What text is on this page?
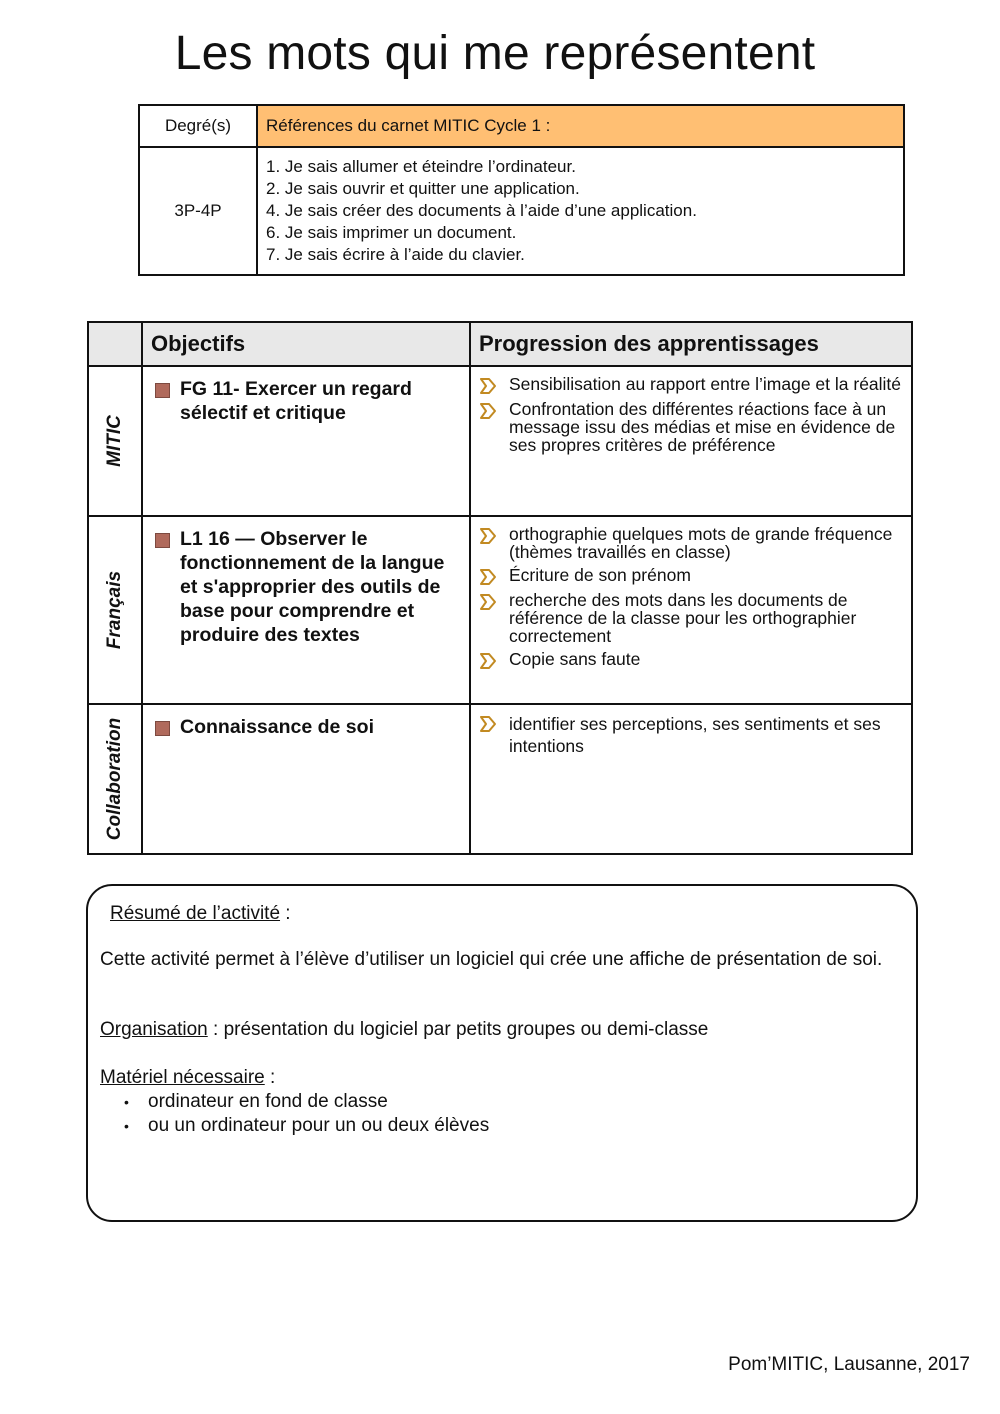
Les mots qui me représentent
Degré(s)	Références du carnet MITIC Cycle 1 :
3P-4P	1. Je sais allumer et éteindre l’ordinateur.
2. Je sais ouvrir et quitter une application.
4. Je sais créer des documents à l’aide d’une application.
6. Je sais imprimer un document.
7. Je sais écrire à l’aide du clavier.
	Objectifs	Progression des apprentissages

MITIC	FG 11- Exercer un regard sélectif et critique	Sensibilisation au rapport entre l’image et la réalité
Confrontation des différentes réactions face à un message issu des médias et mise en évidence de ses propres critères de préférence

Français	L1 16 — Observer le fonctionnement de la langue et s'approprier des outils de base pour comprendre et produire des textes	orthographie quelques mots de grande fréquence (thèmes travaillés en classe)
Écriture de son prénom
recherche des mots dans les documents de référence de la classe pour les orthographier correctement
Copie sans faute

Collaboration	Connaissance de soi	identifier ses perceptions, ses sentiments et ses intentions
Résumé de l’activité :
Cette activité permet à l’élève d’utiliser un logiciel qui crée une affiche de présentation de soi.
Organisation : présentation du logiciel par petits groupes ou demi-classe
Matériel nécessaire :
• ordinateur en fond de classe
• ou un ordinateur pour un ou deux élèves
Pom’MITIC, Lausanne, 2017
